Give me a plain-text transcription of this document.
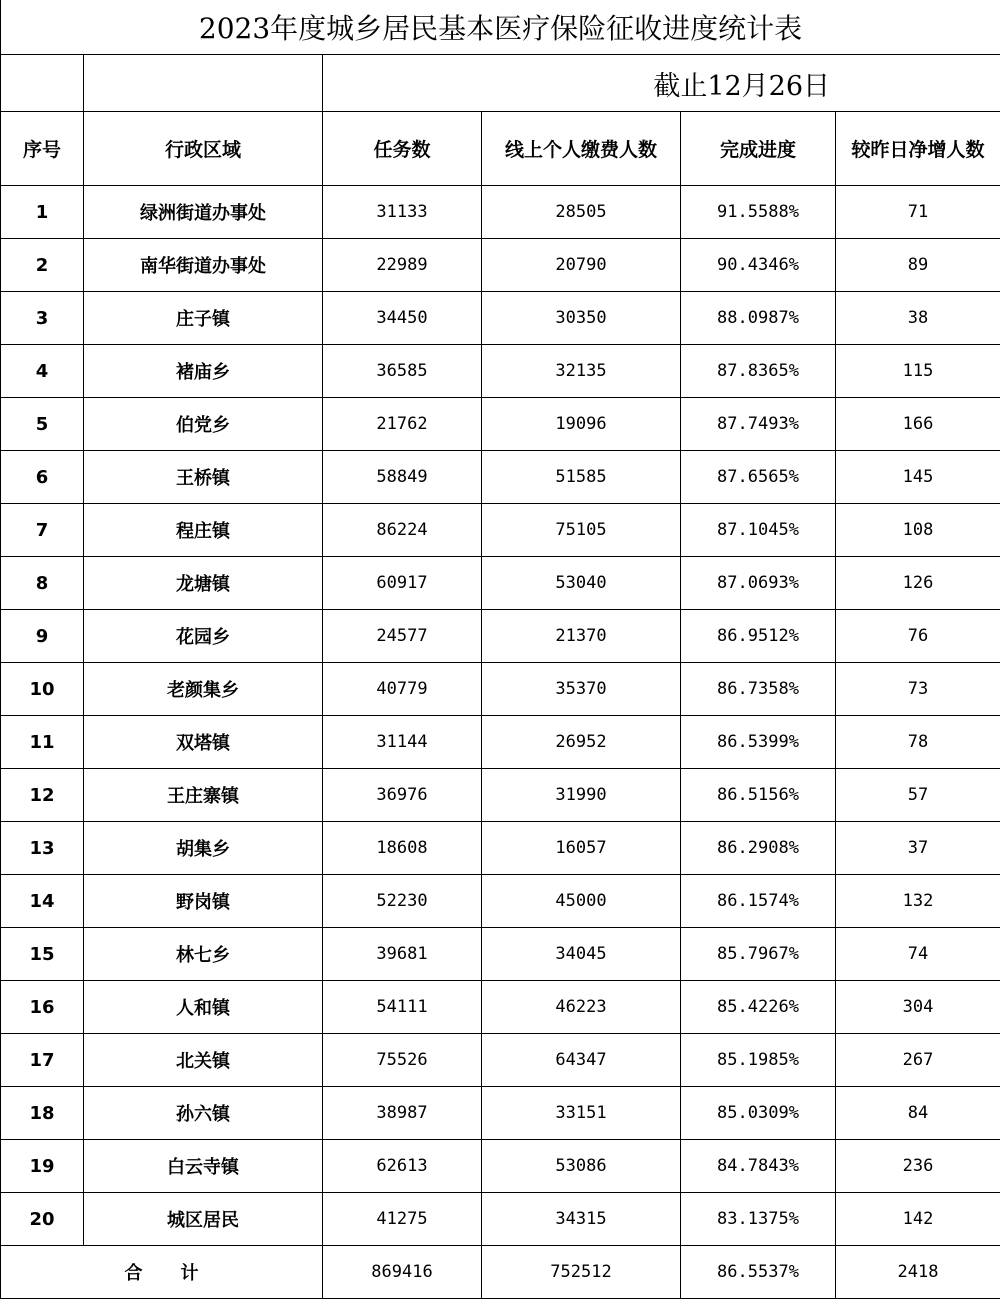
2023年度城乡居民基本医疗保险征收进度统计表					
		截止12月26日			
序号	行政区域	任务数	线上个人缴费人数	完成进度	较昨日净增人数
1	绿洲街道办事处	31133	28505	91.5588%	71
2	南华街道办事处	22989	20790	90.4346%	89
3	庄子镇	34450	30350	88.0987%	38
4	褚庙乡	36585	32135	87.8365%	115
5	伯党乡	21762	19096	87.7493%	166
6	王桥镇	58849	51585	87.6565%	145
7	程庄镇	86224	75105	87.1045%	108
8	龙塘镇	60917	53040	87.0693%	126
9	花园乡	24577	21370	86.9512%	76
10	老颜集乡	40779	35370	86.7358%	73
11	双塔镇	31144	26952	86.5399%	78
12	王庄寨镇	36976	31990	86.5156%	57
13	胡集乡	18608	16057	86.2908%	37
14	野岗镇	52230	45000	86.1574%	132
15	林七乡	39681	34045	85.7967%	74
16	人和镇	54111	46223	85.4226%	304
17	北关镇	75526	64347	85.1985%	267
18	孙六镇	38987	33151	85.0309%	84
19	白云寺镇	62613	53086	84.7843%	236
20	城区居民	41275	34315	83.1375%	142
合 计		869416	752512	86.5537%	2418
